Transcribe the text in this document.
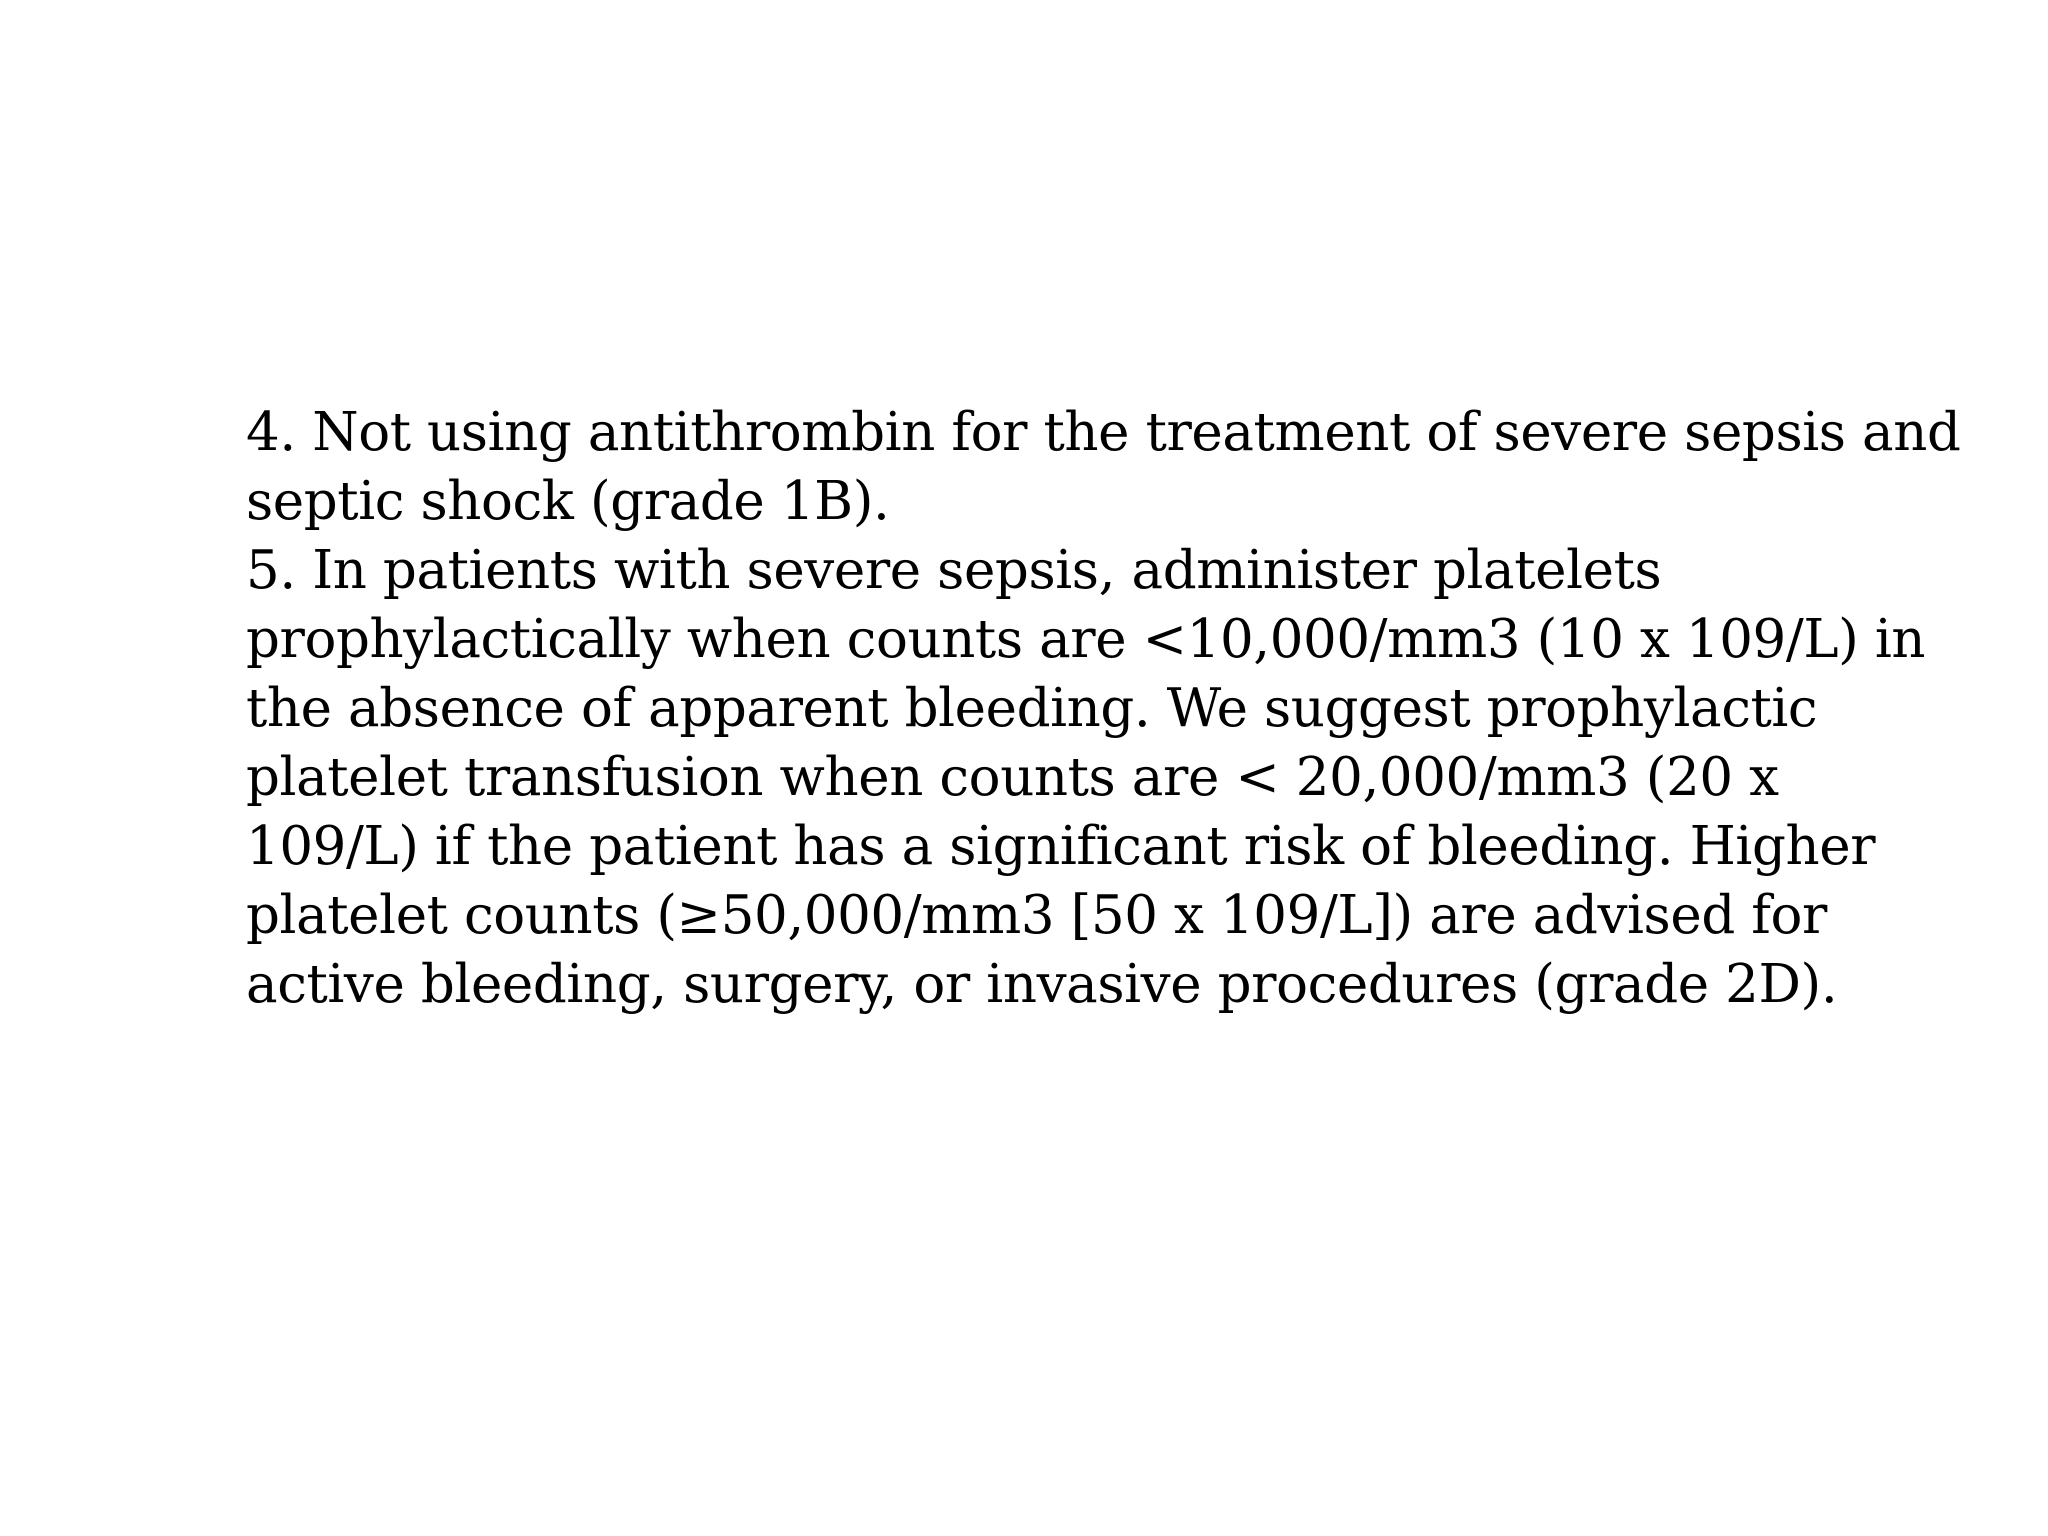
4. Not using antithrombin for the treatment of severe sepsis and
septic shock (grade 1B).
5. In patients with severe sepsis, administer platelets
prophylactically when counts are <10,000/mm3 (10 x 109/L) in
the absence of apparent bleeding. We suggest prophylactic
platelet transfusion when counts are < 20,000/mm3 (20 x
109/L) if the patient has a significant risk of bleeding. Higher
platelet counts (≥50,000/mm3 [50 x 109/L]) are advised for
active bleeding, surgery, or invasive procedures (grade 2D).
